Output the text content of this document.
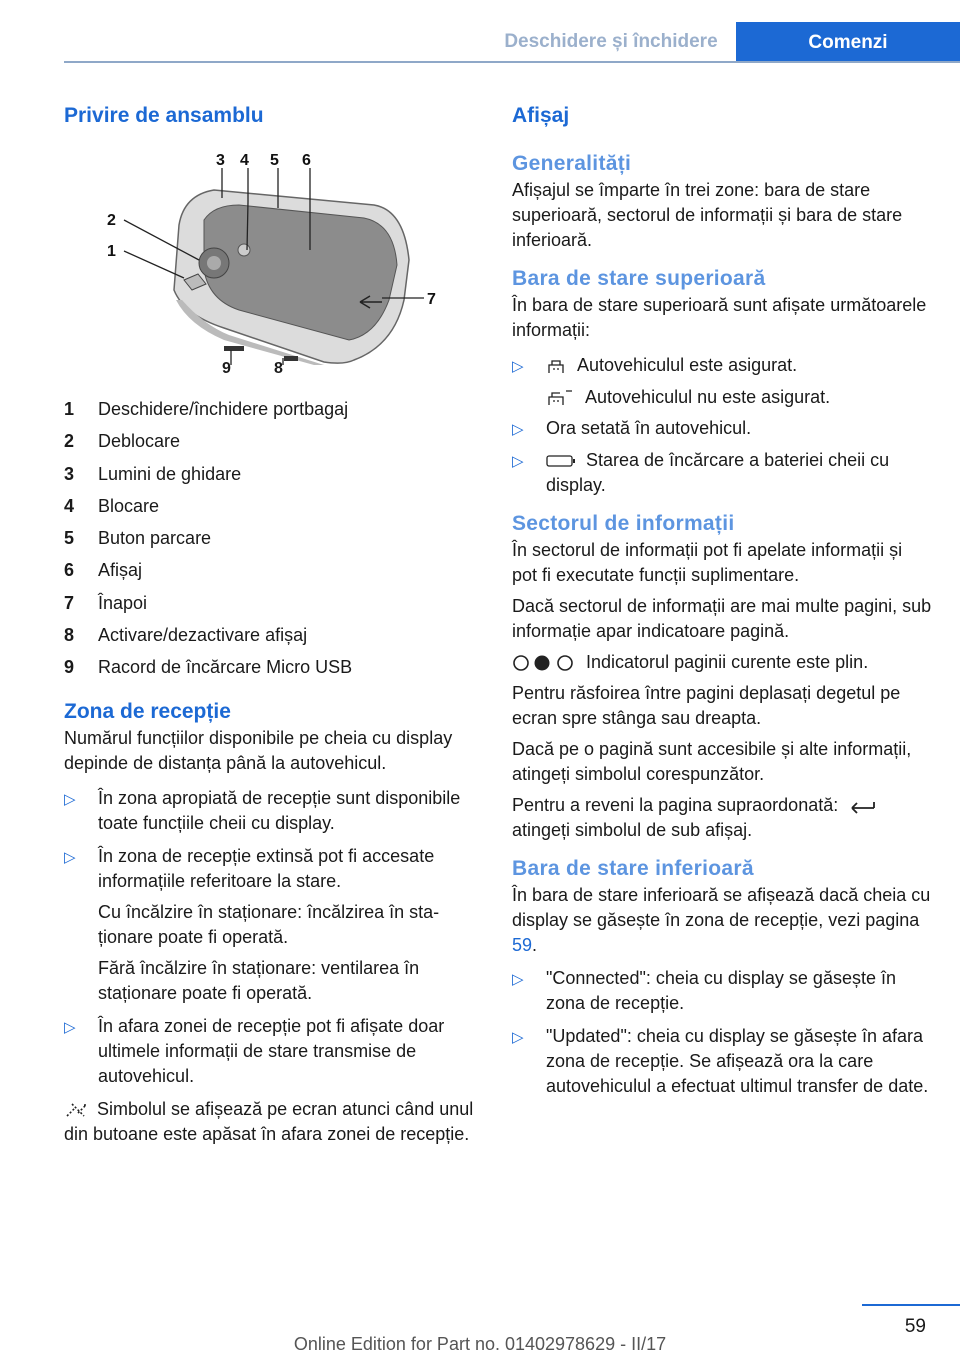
Deschidere și închidere	Comenzi
Privire de ansamblu
3 4 5 6
2
1
7
9	8
1	Deschidere/închidere portbagaj
2	Deblocare
3	Lumini de ghidare
4	Blocare
5	Buton parcare
6	Afișaj
7	Înapoi
8	Activare/dezactivare afișaj
9	Racord de încărcare Micro USB
Zona de recepție

Numărul funcțiilor disponibile pe cheia cu display depinde de distanța până la autovehicul.

▷	În zona apropiată de recepție sunt disponibile toate funcțiile cheii cu display.
▷	În zona de recepție extinsă pot fi accesate informațiile referitoare la stare.
Cu încălzire în staționare: încălzirea în staționare poate fi operată.
Fără încălzire în staționare: ventilarea în staționare poate fi operată.
▷	În afara zonei de recepție pot fi afișate doar ultimele informații de stare transmise de autovehicul.

Simbolul se afișează pe ecran atunci când unul din butoane este apăsat în afara zonei de recepție.

Afișaj
Generalități

Afișajul se împarte în trei zone: bara de stare superioară, sectorul de informații și bara de stare inferioară.

Bara de stare superioară

În bara de stare superioară sunt afișate următoarele informații:

▷	Autovehiculul este asigurat.
Autovehiculul nu este asigurat.
▷	Ora setată în autovehicul.
▷	Starea de încărcare a bateriei cheii cu display.
Sectorul de informații

În sectorul de informații pot fi apelate informații și pot fi executate funcții suplimentare.

Dacă sectorul de informații are mai multe pagini, sub informație apar indicatoare pagină.

Indicatorul paginii curente este plin.

Pentru răsfoirea între pagini deplasați degetul pe ecran spre stânga sau dreapta.

Dacă pe o pagină sunt accesibile și alte informații, atingeți simbolul corespunzător.

Pentru a reveni la pagina supraordonată:
atingeți simbolul de sub afișaj.

Bara de stare inferioară

În bara de stare inferioară se afișează dacă cheia cu display se găsește în zona de recepție, vezi pagina 59.

▷	"Connected": cheia cu display se găsește în zona de recepție.
▷	"Updated": cheia cu display se găsește în afara zona de recepție. Se afișează ora la care autovehiculul a efectuat ultimul transfer de date.
59
Online Edition for Part no. 01402978629 - II/17
